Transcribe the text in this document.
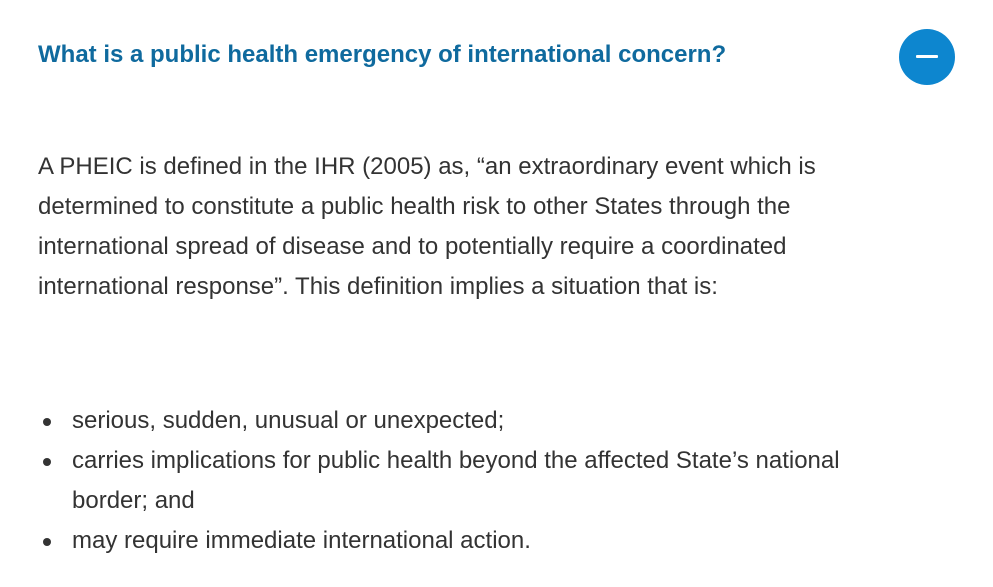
What is a public health emergency of international concern?

A PHEIC is defined in the IHR (2005) as, “an extraordinary event which is determined to constitute a public health risk to other States through the international spread of disease and to potentially require a coordinated international response”. This definition implies a situation that is:

serious, sudden, unusual or unexpected;
carries implications for public health beyond the affected State’s national border; and
may require immediate international action.
